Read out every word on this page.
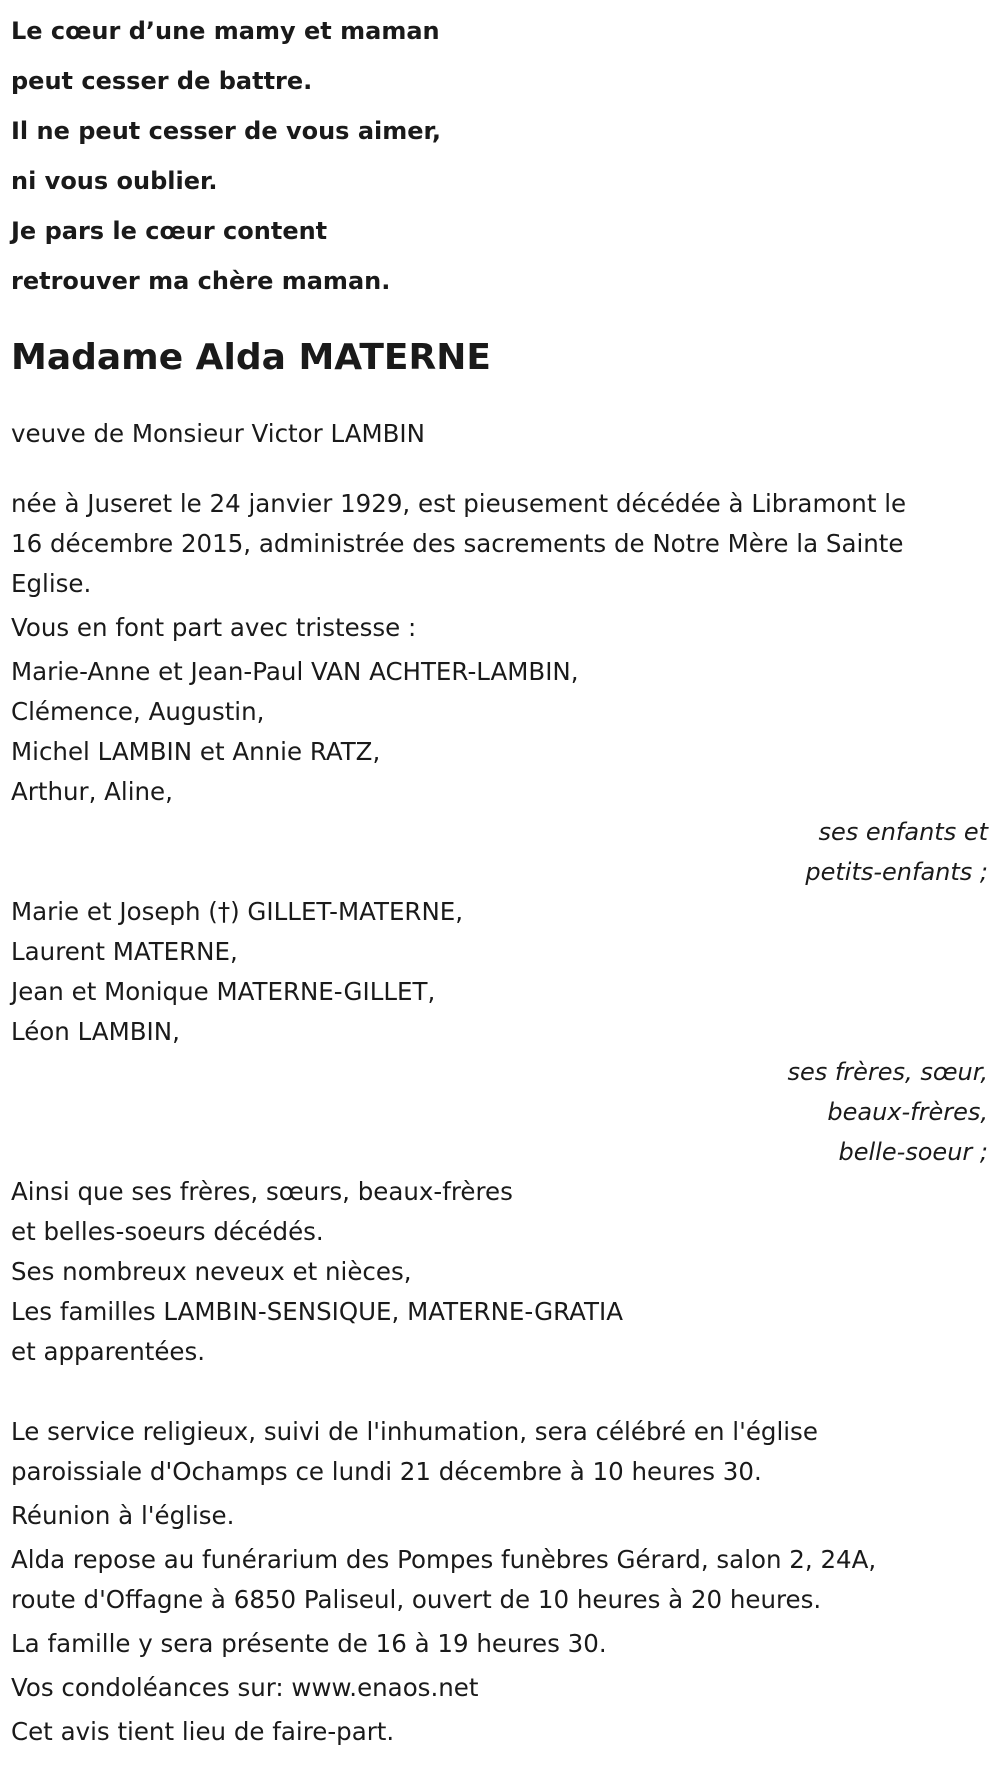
Le cœur d’une mamy et maman
peut cesser de battre.
Il ne peut cesser de vous aimer,
ni vous oublier.
Je pars le cœur content
retrouver ma chère maman.
Madame Alda MATERNE
veuve de Monsieur Victor LAMBIN
née à Juseret le 24 janvier 1929, est pieusement décédée à Libramont le
16 décembre 2015, administrée des sacrements de Notre Mère la Sainte
Eglise.
Vous en font part avec tristesse :
Marie-Anne et Jean-Paul VAN ACHTER-LAMBIN,
Clémence, Augustin,
Michel LAMBIN et Annie RATZ,
Arthur, Aline,
ses enfants et
petits-enfants ;
Marie et Joseph (†) GILLET-MATERNE,
Laurent MATERNE,
Jean et Monique MATERNE-GILLET,
Léon LAMBIN,
ses frères, sœur,
beaux-frères,
belle-soeur ;
Ainsi que ses frères, sœurs, beaux-frères
et belles-soeurs décédés.
Ses nombreux neveux et nièces,
Les familles LAMBIN-SENSIQUE, MATERNE-GRATIA
et apparentées.
Le service religieux, suivi de l'inhumation, sera célébré en l'église
paroissiale d'Ochamps ce lundi 21 décembre à 10 heures 30.
Réunion à l'église.
Alda repose au funérarium des Pompes funèbres Gérard, salon 2, 24A,
route d'Offagne à 6850 Paliseul, ouvert de 10 heures à 20 heures.
La famille y sera présente de 16 à 19 heures 30.
Vos condoléances sur: www.enaos.net
Cet avis tient lieu de faire-part.
